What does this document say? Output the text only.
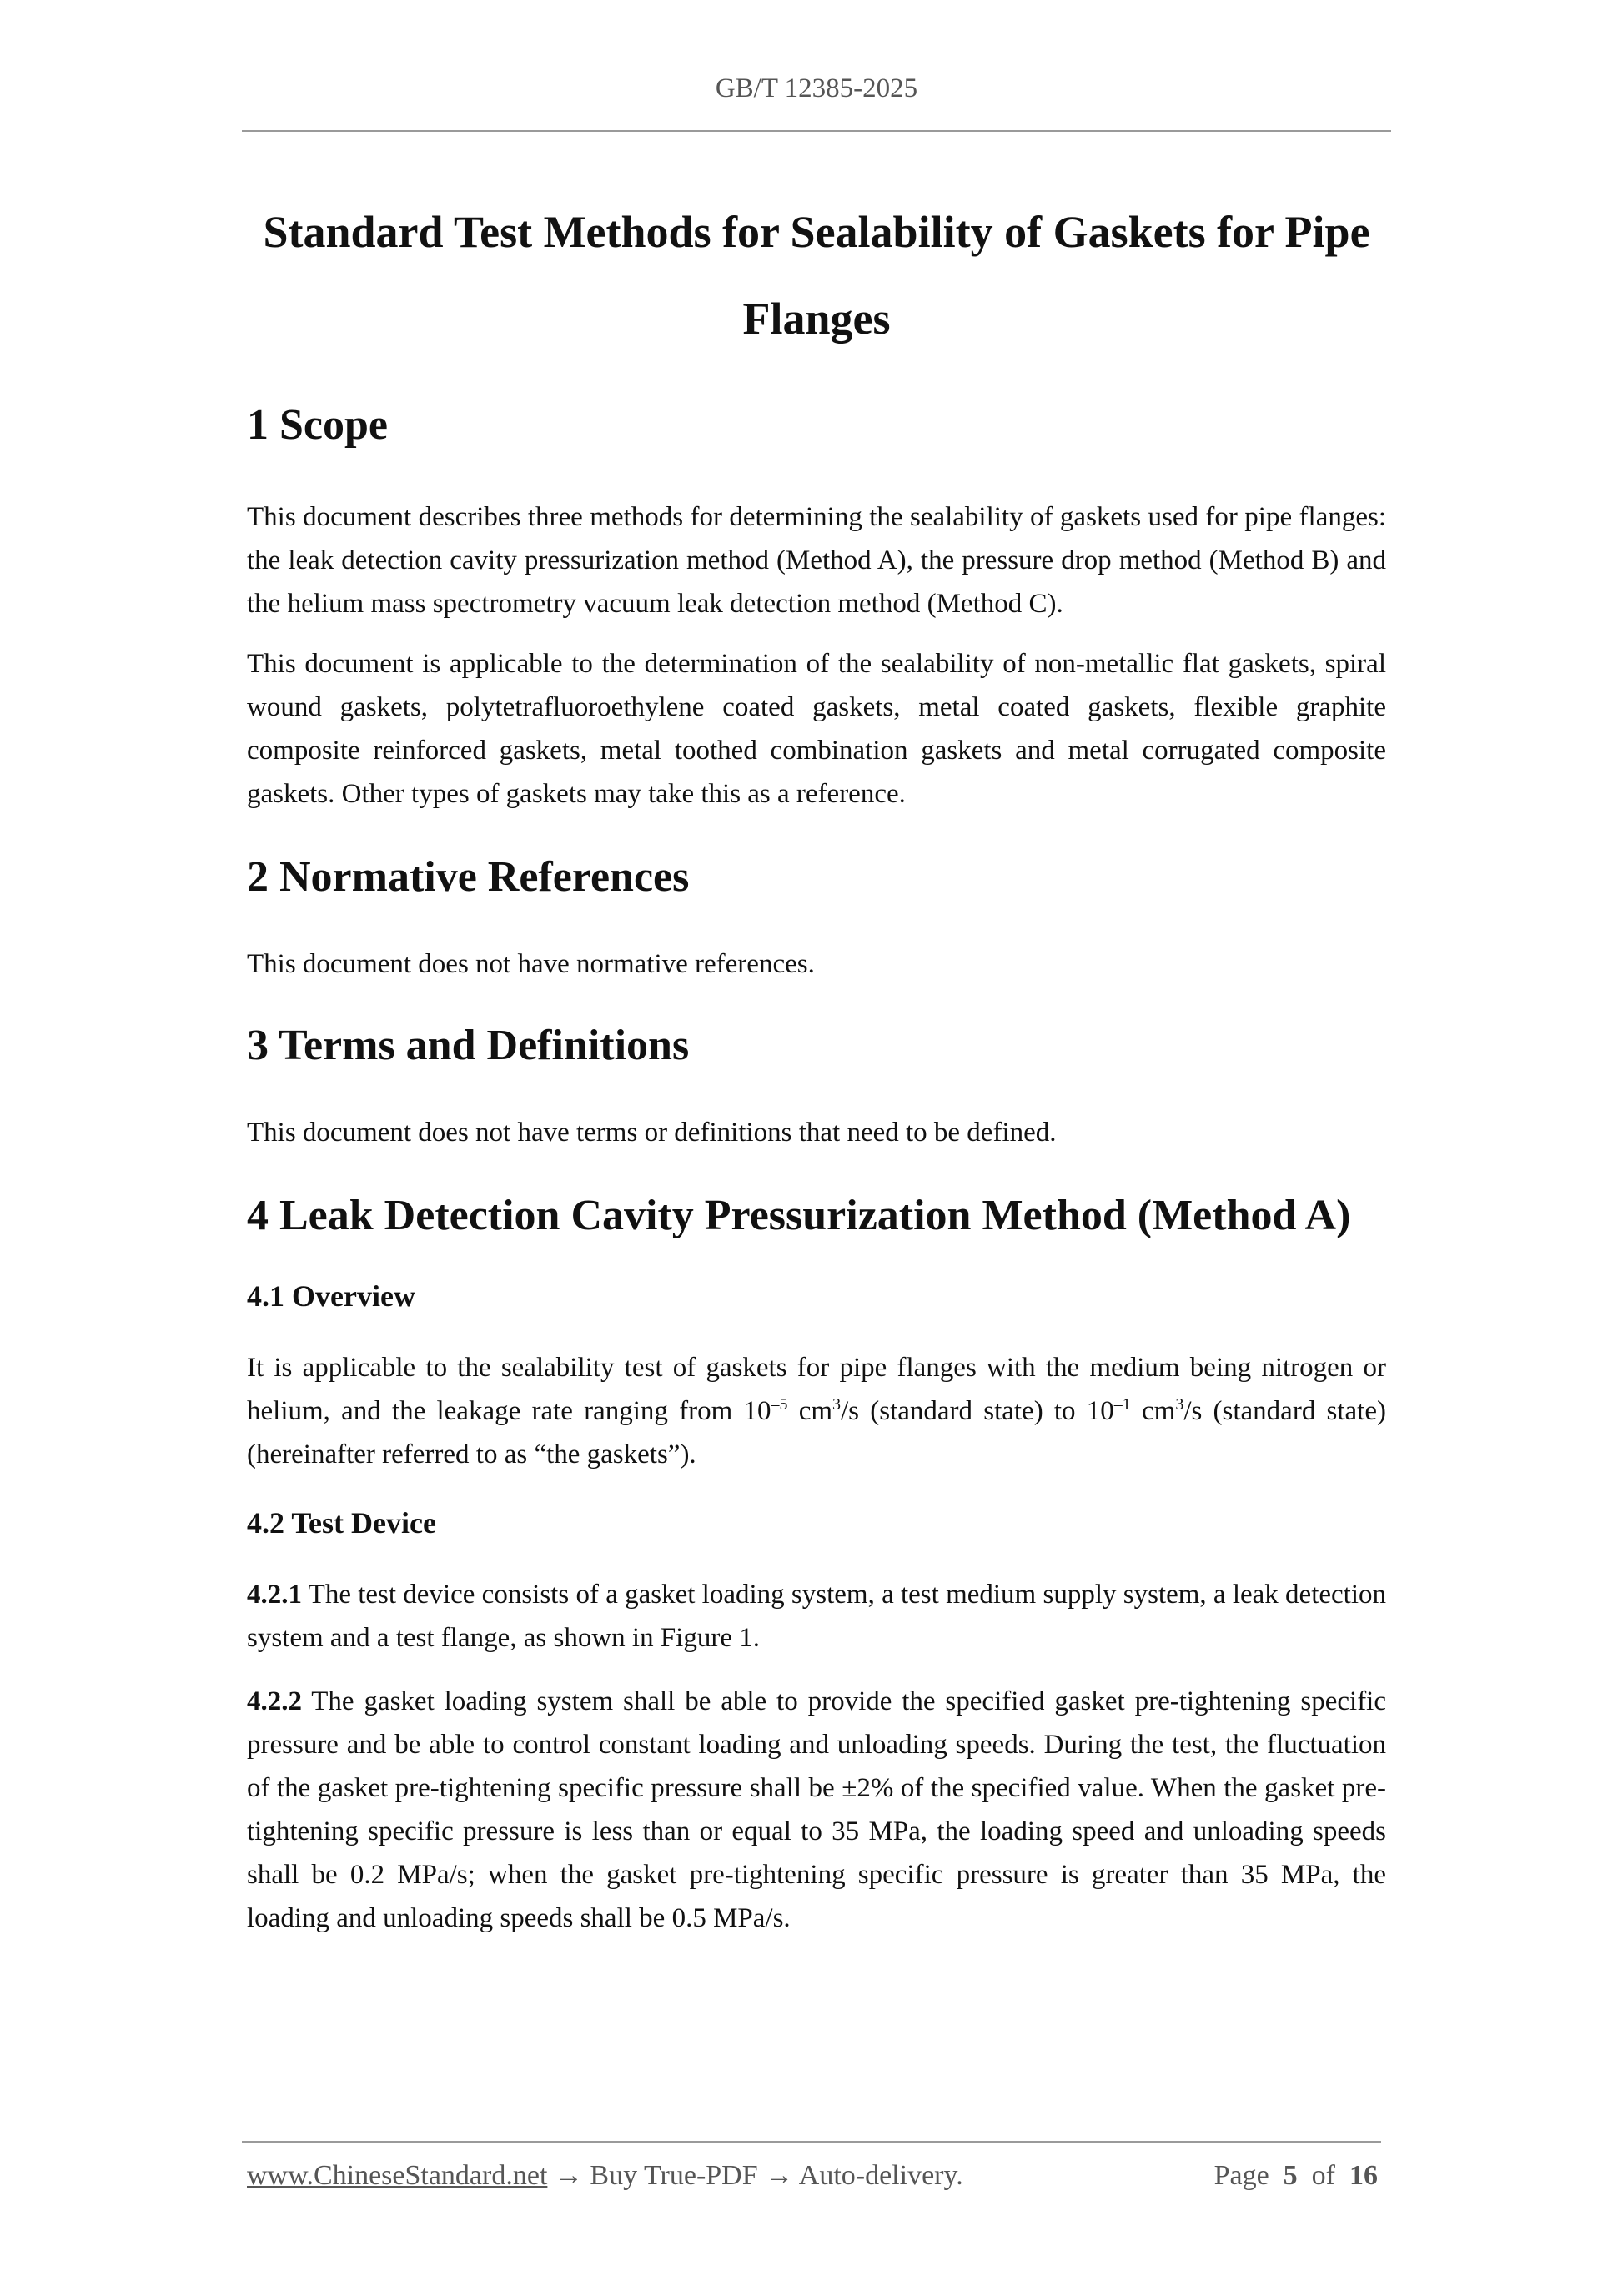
GB/T 12385-2025
Standard Test Methods for Sealability of Gaskets for Pipe
Flanges
1 Scope

This document describes three methods for determining the sealability of gaskets used for pipe flanges: the leak detection cavity pressurization method (Method A), the pressure drop method (Method B) and the helium mass spectrometry vacuum leak detection method (Method C).

This document is applicable to the determination of the sealability of non-metallic flat gaskets, spiral wound gaskets, polytetrafluoroethylene coated gaskets, metal coated gaskets, flexible graphite composite reinforced gaskets, metal toothed combination gaskets and metal corrugated composite gaskets. Other types of gaskets may take this as a reference.

2 Normative References

This document does not have normative references.

3 Terms and Definitions

This document does not have terms or definitions that need to be defined.

4 Leak Detection Cavity Pressurization Method (Method A)
4.1 Overview

It is applicable to the sealability test of gaskets for pipe flanges with the medium being nitrogen or helium, and the leakage rate ranging from $10^{-5}$ $cm^3/s$ (standard state) to $10^{-1}$ $cm^3/s$ (standard state) (hereinafter referred to as “the gaskets”).

4.2 Test Device

4.2.1 The test device consists of a gasket loading system, a test medium supply system, a leak detection system and a test flange, as shown in Figure 1.

4.2.2 The gasket loading system shall be able to provide the specified gasket pre-tightening specific pressure and be able to control constant loading and unloading speeds. During the test, the fluctuation of the gasket pre-tightening specific pressure shall be ±2% of the specified value. When the gasket pre-tightening specific pressure is less than or equal to 35 MPa, the loading speed and unloading speeds shall be 0.2 MPa/s; when the gasket pre-tightening specific pressure is greater than 35 MPa, the loading and unloading speeds shall be 0.5 MPa/s.

www.ChineseStandard.net → Buy True-PDF → Auto-delivery.	Page 5 of 16
